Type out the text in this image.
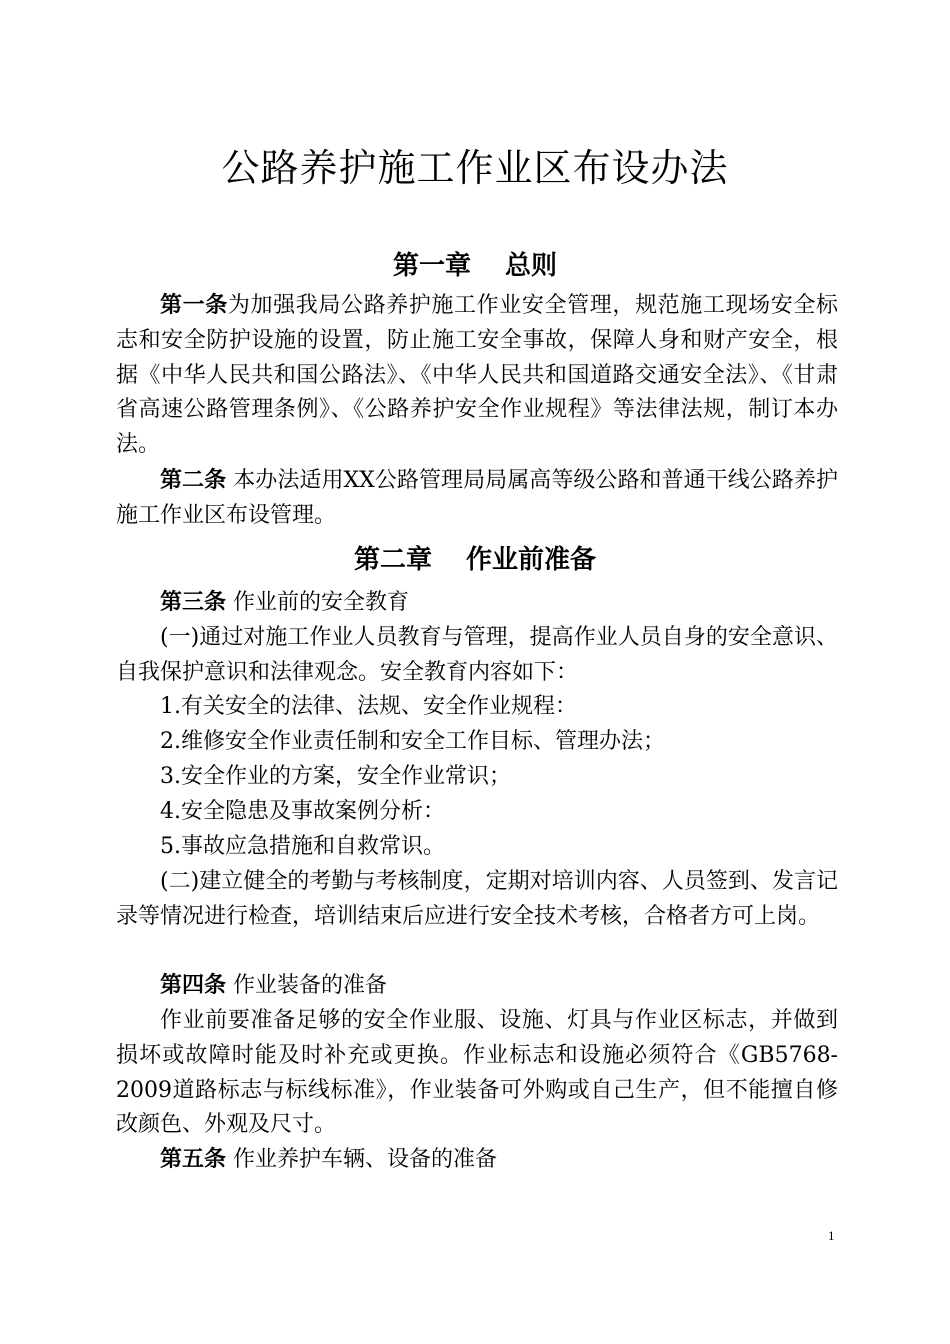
公路养护施工作业区布设办法
第一章 总则

第一条为加强我局公路养护施工作业安全管理，规范施工现场安全标志和安全防护设施的设置，防止施工安全事故，保障人身和财产安全，根据《中华人民共和国公路法》、《中华人民共和国道路交通安全法》、《甘肃省高速公路管理条例》、《公路养护安全作业规程》等法律法规，制订本办法。

第二条 本办法适用XX公路管理局局属高等级公路和普通干线公路养护施工作业区布设管理。

第二章 作业前准备

第三条 作业前的安全教育

(一)通过对施工作业人员教育与管理，提高作业人员自身的安全意识、自我保护意识和法律观念。安全教育内容如下：

1.有关安全的法律、法规、安全作业规程：

2.维修安全作业责任制和安全工作目标、管理办法；

3.安全作业的方案，安全作业常识；

4.安全隐患及事故案例分析：

5.事故应急措施和自救常识。

(二)建立健全的考勤与考核制度，定期对培训内容、人员签到、发言记录等情况进行检查，培训结束后应进行安全技术考核，合格者方可上岗。

第四条 作业装备的准备

作业前要准备足够的安全作业服、设施、灯具与作业区标志，并做到损坏或故障时能及时补充或更换。作业标志和设施必须符合《GB5768-2009道路标志与标线标准》，作业装备可外购或自己生产，但不能擅自修改颜色、外观及尺寸。

第五条 作业养护车辆、设备的准备

1
